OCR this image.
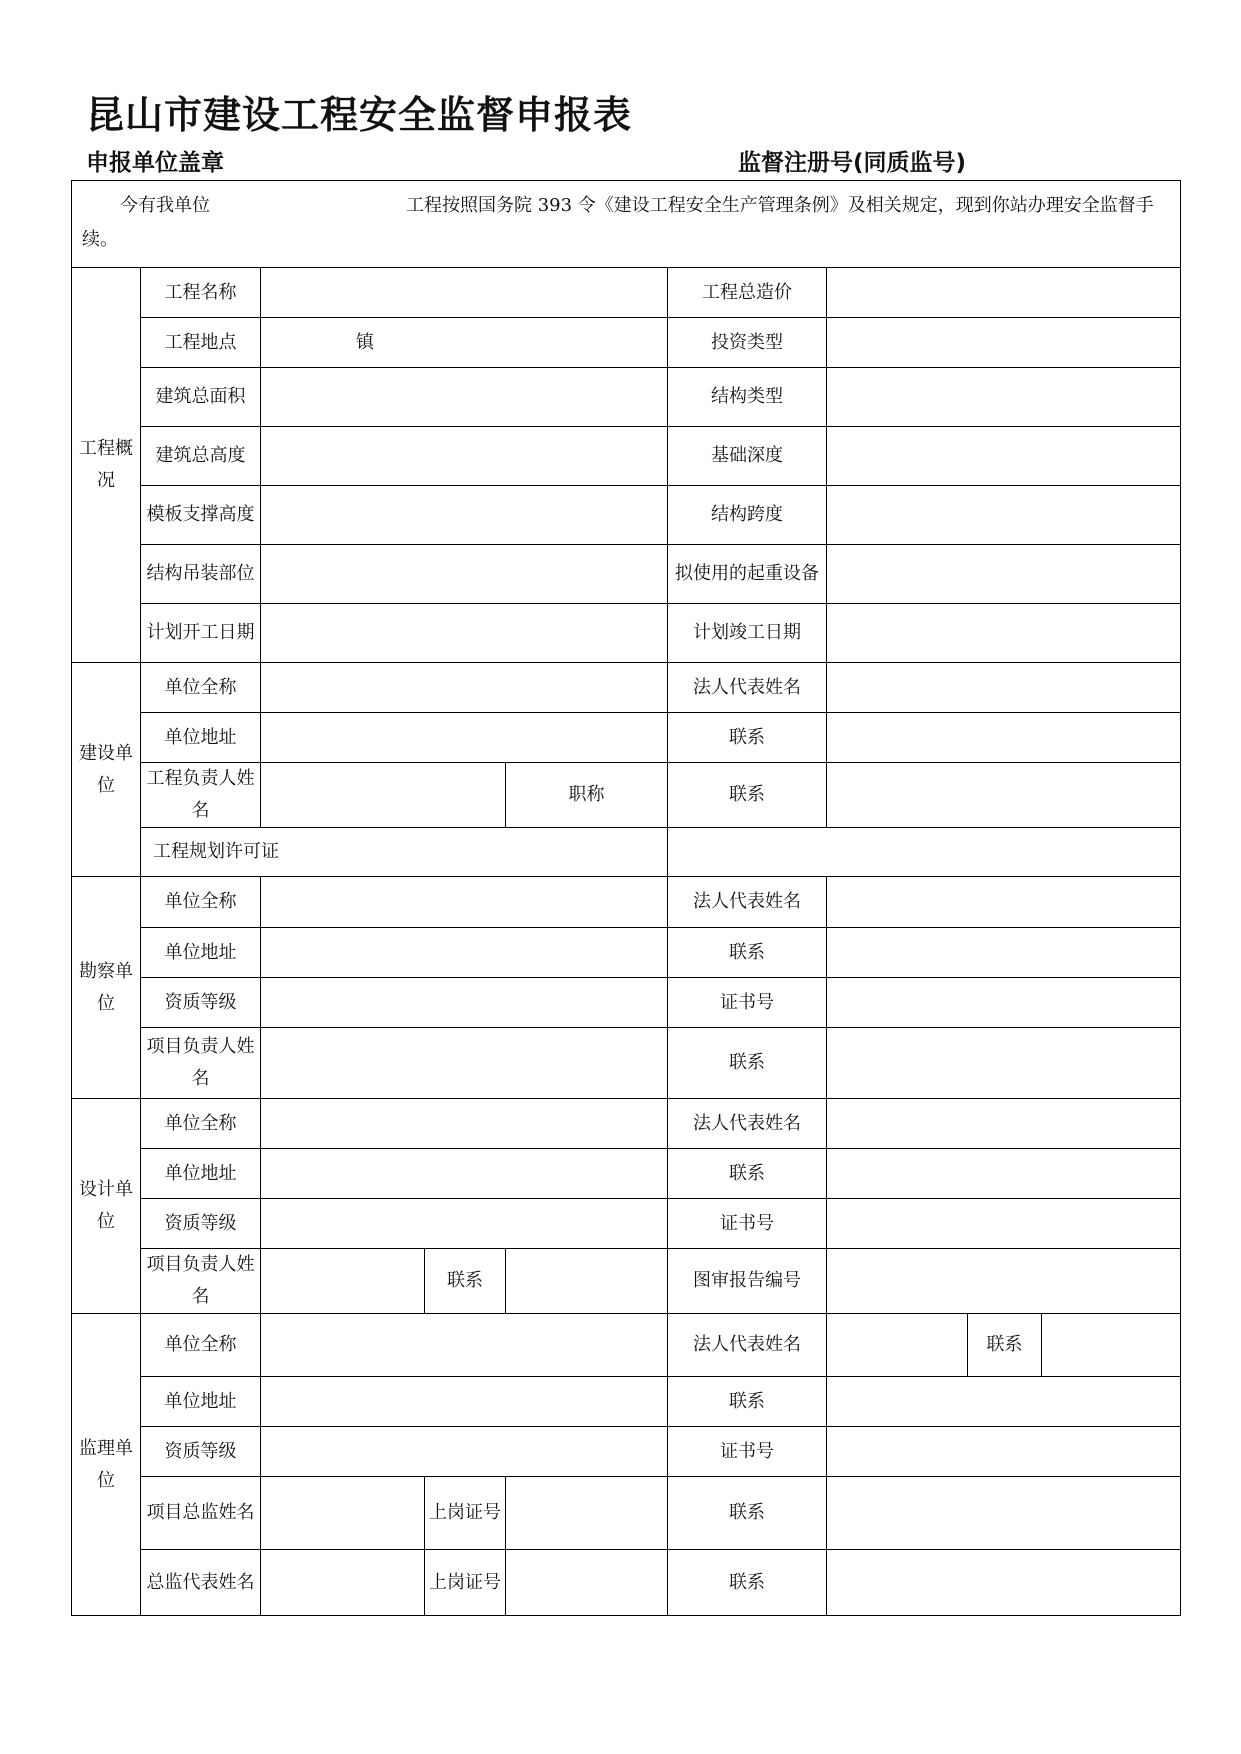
昆山市建设工程安全监督申报表
申报单位盖章	监督注册号(同质监号)
今有我单位 工程按照国务院 393 令《建设工程安全生产管理条例》及相关规定，现到你站办理安全监督手续。								
工程概况	工程名称				工程总造价			
	工程地点	镇			投资类型			
	建筑总面积				结构类型			
	建筑总高度				基础深度			
	模板支撑高度				结构跨度			
	结构吊装部位				拟使用的起重设备			
	计划开工日期				计划竣工日期			
建设单位	单位全称				法人代表姓名			
	单位地址				联系			
	工程负责人姓名			职称	联系			
	工程规划许可证							
勘察单位	单位全称				法人代表姓名			
	单位地址				联系			
	资质等级				证书号			
	项目负责人姓名				联系			
设计单位	单位全称				法人代表姓名			
	单位地址				联系			
	资质等级				证书号			
	项目负责人姓名		联系		图审报告编号			
监理单位	单位全称				法人代表姓名		联系	
	单位地址				联系			
	资质等级				证书号			
	项目总监姓名		上岗证号		联系			
	总监代表姓名		上岗证号		联系			
